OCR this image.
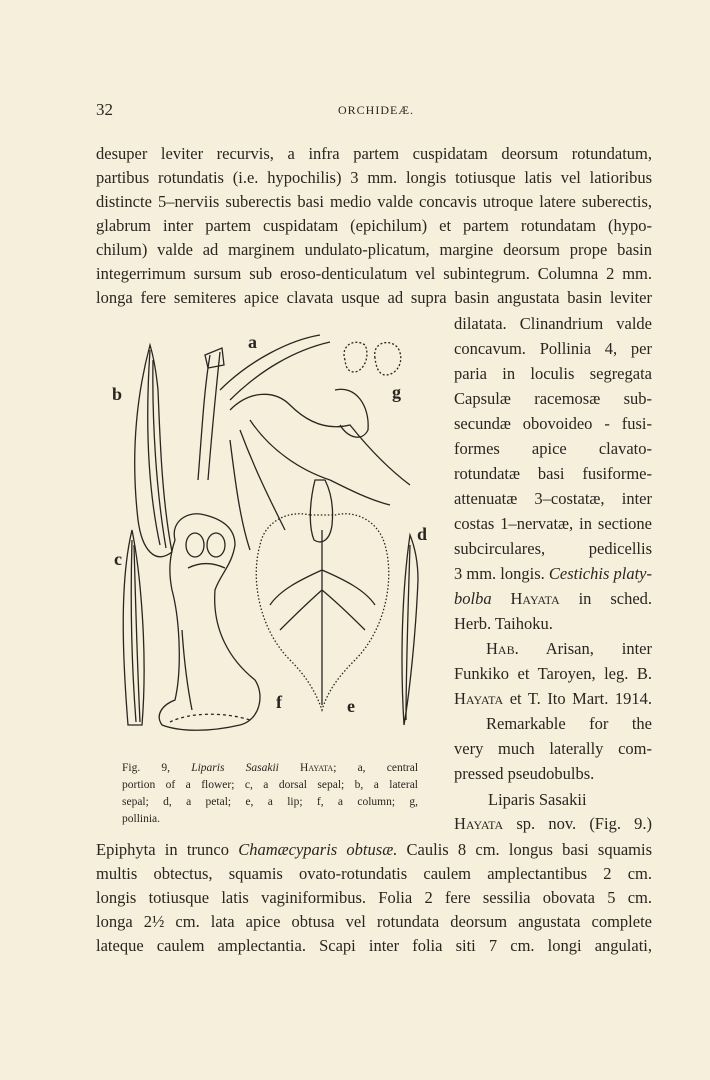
32	ORCHIDEÆ.
desuper leviter recurvis, a infra partem cuspidatam deorsum rotundatum,
partibus rotundatis (i.e. hypochilis) 3 mm. longis totiusque latis vel latioribus
distincte 5–nerviis suberectis basi medio valde concavis utroque latere suberectis,
glabrum inter partem cuspidatam (epichilum) et partem rotundatam (hypo-
chilum) valde ad marginem undulato-plicatum, margine deorsum prope basin
integerrimum sursum sub eroso-denticulatum vel subintegrum. Columna 2 mm.
longa fere semiteres apice clavata usque ad supra basin angustata basin leviter
dilatata. Clinandrium valde
concavum. Pollinia 4, per
paria in loculis segregata
Capsulæ racemosæ sub-
secundæ obovoideo - fusi-
formes apice clavato-
rotundatæ basi fusiforme-
attenuatæ 3–costatæ, inter
costas 1–nervatæ, in sectione
subcirculares, pedicellis
3 mm. longis. Cestichis platy-
bolba Hayata in sched.
Herb. Taihoku.
Hab. Arisan, inter
Funkiko et Taroyen, leg. B.
Hayata et T. Ito Mart. 1914.
Remarkable for the
very much laterally com-
pressed pseudobulbs.
Liparis Sasakii
Hayata sp. nov. (Fig. 9.)
a
b
c
d
e
f
g
Fig. 9, Liparis Sasakii Hayata; a, central
portion of a flower; c, a dorsal sepal; b, a lateral
sepal; d, a petal; e, a lip; f, a column; g,
pollinia.
Epiphyta in trunco Chamæcyparis obtusæ. Caulis 8 cm. longus basi squamis
multis obtectus, squamis ovato-rotundatis caulem amplectantibus 2 cm.
longis totiusque latis vaginiformibus. Folia 2 fere sessilia obovata 5 cm.
longa 2½ cm. lata apice obtusa vel rotundata deorsum angustata complete
lateque caulem amplectantia. Scapi inter folia siti 7 cm. longi angulati,
